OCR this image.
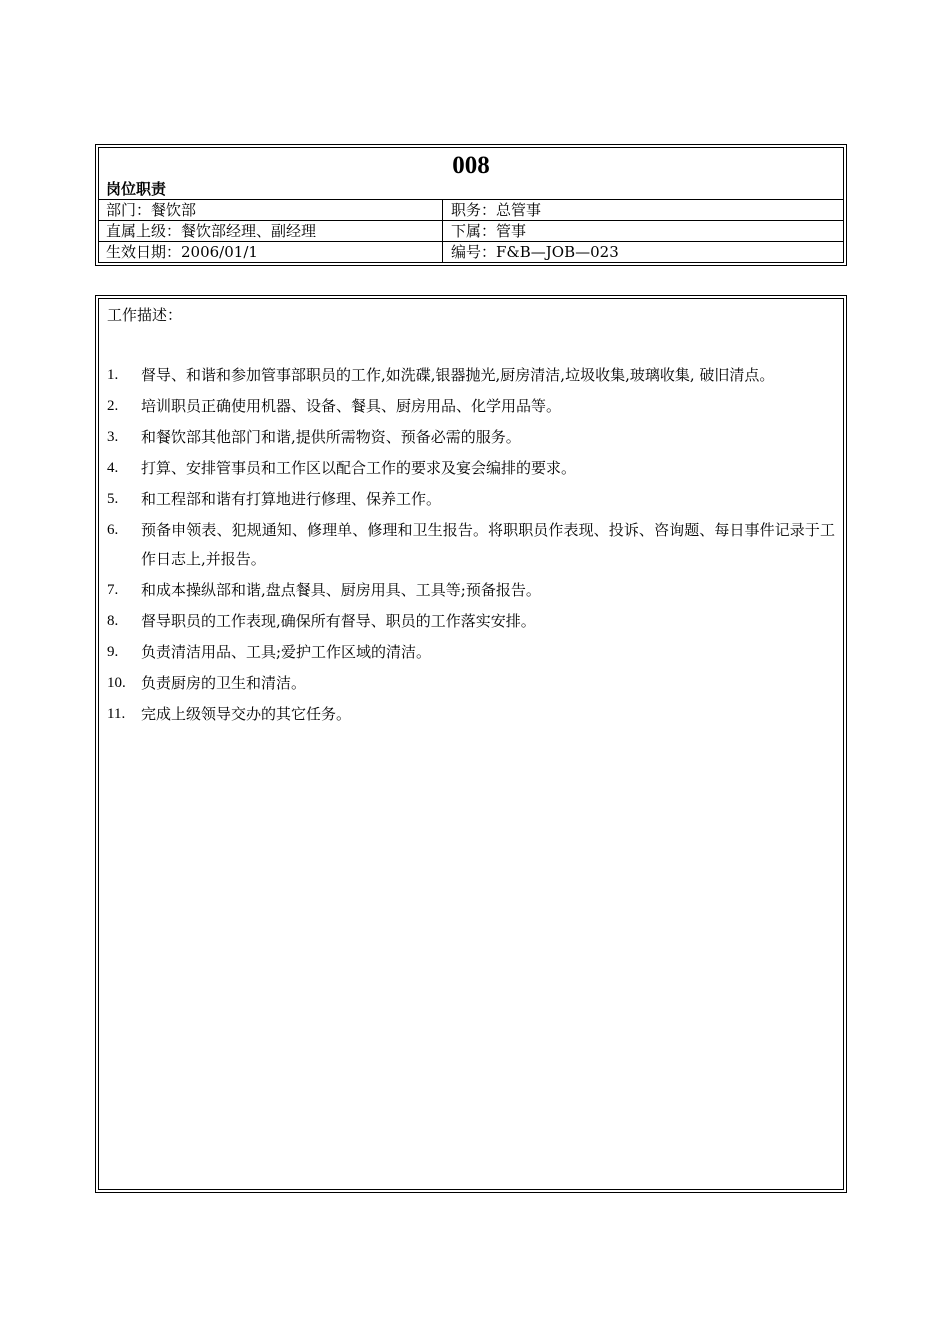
008
岗位职责
部门：餐饮部	职务：总管事
直属上级：餐饮部经理、副经理	下属：管事
生效日期：2006/01/1	编号：F&B—JOB—023
工作描述：
1.	督导、和谐和参加管事部职员的工作,如洗碟,银器抛光,厨房清洁,垃圾收集,玻璃收集, 破旧清点。
2.	培训职员正确使用机器、设备、餐具、厨房用品、化学用品等。
3.	和餐饮部其他部门和谐,提供所需物资、预备必需的服务。
4.	打算、安排管事员和工作区以配合工作的要求及宴会编排的要求。
5.	和工程部和谐有打算地进行修理、保养工作。
6.	预备申领表、犯规通知、修理单、修理和卫生报告。将职职员作表现、投诉、咨询题、每日事件记录于工作日志上,并报告。
7.	和成本操纵部和谐,盘点餐具、厨房用具、工具等;预备报告。
8.	督导职员的工作表现,确保所有督导、职员的工作落实安排。
9.	负责清洁用品、工具;爱护工作区域的清洁。
10.	负责厨房的卫生和清洁。
11.	完成上级领导交办的其它任务。
